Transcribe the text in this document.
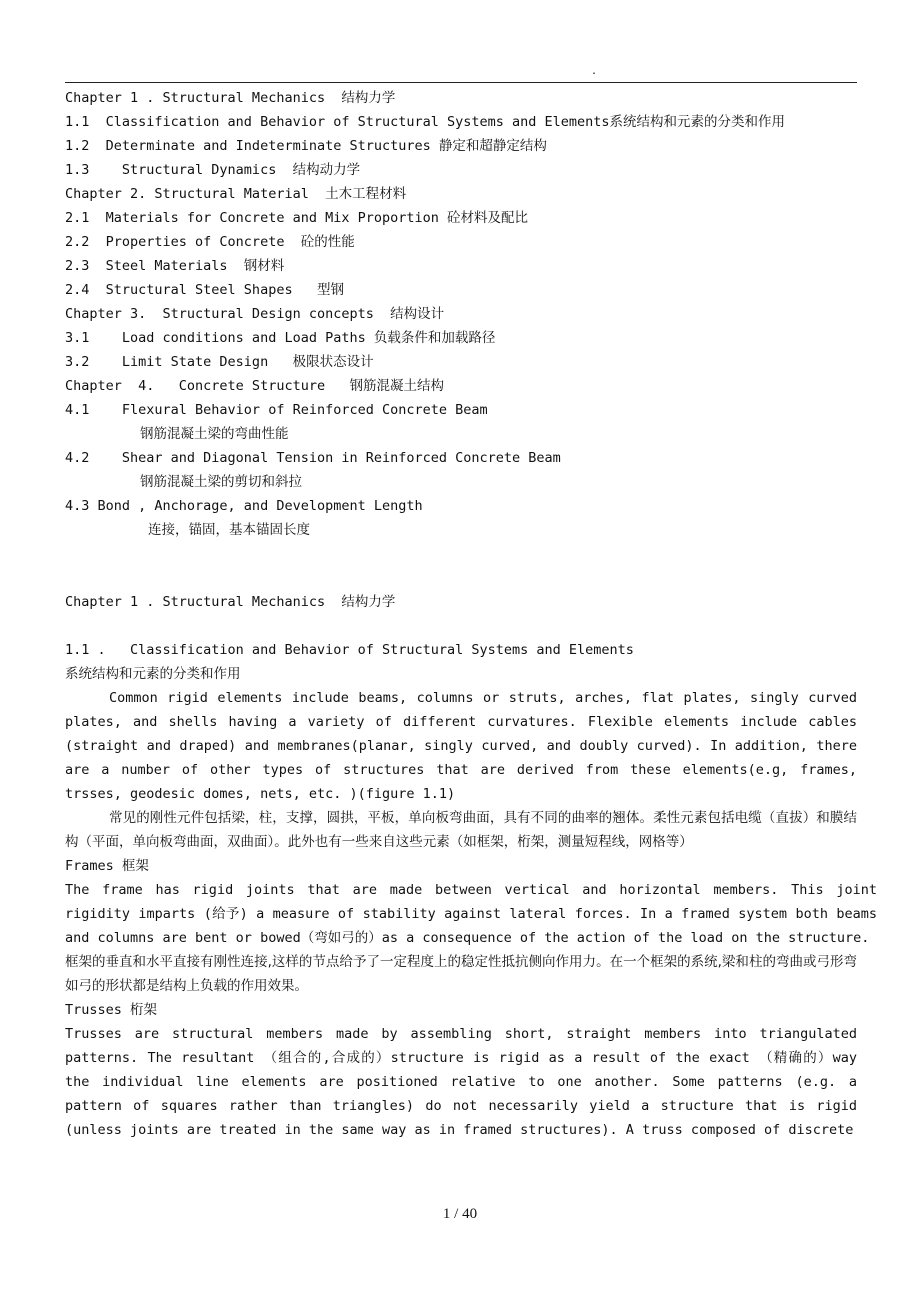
.
Chapter 1 . Structural Mechanics  结构力学
1.1  Classification and Behavior of Structural Systems and Elements系统结构和元素的分类和作用
1.2  Determinate and Indeterminate Structures 静定和超静定结构
1.3    Structural Dynamics  结构动力学
Chapter 2. Structural Material  土木工程材料
2.1  Materials for Concrete and Mix Proportion 砼材料及配比
2.2  Properties of Concrete  砼的性能
2.3  Steel Materials  钢材料
2.4  Structural Steel Shapes   型钢
Chapter 3.  Structural Design concepts  结构设计
3.1    Load conditions and Load Paths 负载条件和加载路径
3.2    Limit State Design   极限状态设计
Chapter  4.   Concrete Structure   钢筋混凝土结构
4.1    Flexural Behavior of Reinforced Concrete Beam
钢筋混凝土梁的弯曲性能
4.2    Shear and Diagonal Tension in Reinforced Concrete Beam
钢筋混凝土梁的剪切和斜拉
4.3 Bond , Anchorage, and Development Length
连接，锚固，基本锚固长度
Chapter 1 . Structural Mechanics  结构力学
1.1 .   Classification and Behavior of Structural Systems and Elements
系统结构和元素的分类和作用
Common rigid elements include beams, columns or struts, arches, flat plates, singly curved plates, and shells having a variety of different curvatures. Flexible elements include cables (straight and draped) and membranes(planar, singly curved, and doubly curved). In addition, there are a number of other types of structures that are derived from these elements(e.g, frames, trsses, geodesic domes, nets, etc. )(figure 1.1)
常见的刚性元件包括梁，柱，支撑，圆拱，平板，单向板弯曲面，具有不同的曲率的翘体。柔性元素包括电缆（直拔）和膜结构（平面，单向板弯曲面，双曲面）。此外也有一些来自这些元素（如框架，桁架，测量短程线，网格等）
Frames 框架
The frame has rigid joints that are made between vertical and horizontal members. This joint rigidity imparts (给予) a measure of stability against lateral forces. In a framed system both beams and columns are bent or bowed（弯如弓的）as a consequence of the action of the load on the structure.
框架的垂直和水平直接有刚性连接,这样的节点给予了一定程度上的稳定性抵抗侧向作用力。在一个框架的系统,梁和柱的弯曲或弓形弯如弓的形状都是结构上负载的作用效果。
Trusses 桁架
Trusses are structural members made by assembling short, straight members into triangulated patterns. The resultant （组合的,合成的）structure is rigid as a result of the exact （精确的）way the individual line elements are positioned relative to one another. Some patterns (e.g. a pattern of squares rather than triangles) do not necessarily yield a structure that is rigid (unless joints are treated in the same way as in framed structures). A truss composed of discrete
1 / 40
